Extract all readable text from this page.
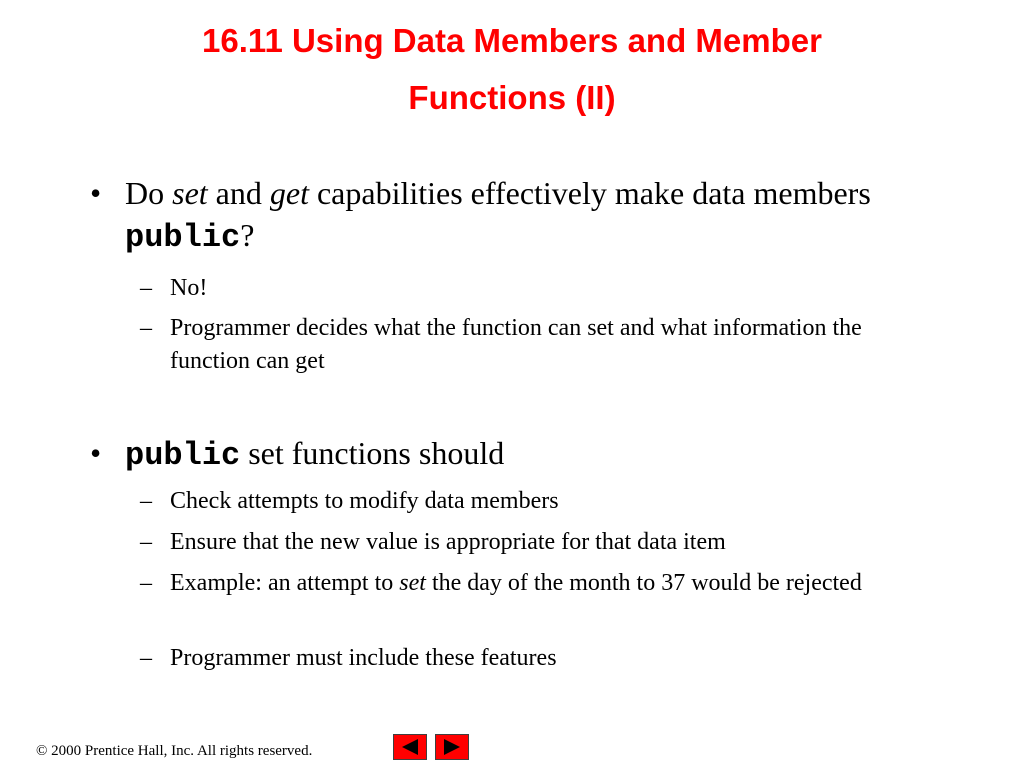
16.11 Using Data Members and Member
Functions (II)
• Do set and get capabilities effectively make data members public?
– No!
– Programmer decides what the function can set and what information the function can get
• public set functions should
– Check attempts to modify data members
– Ensure that the new value is appropriate for that data item
– Example: an attempt to set the day of the month to 37 would be rejected
– Programmer must include these features
© 2000 Prentice Hall, Inc. All rights reserved.
